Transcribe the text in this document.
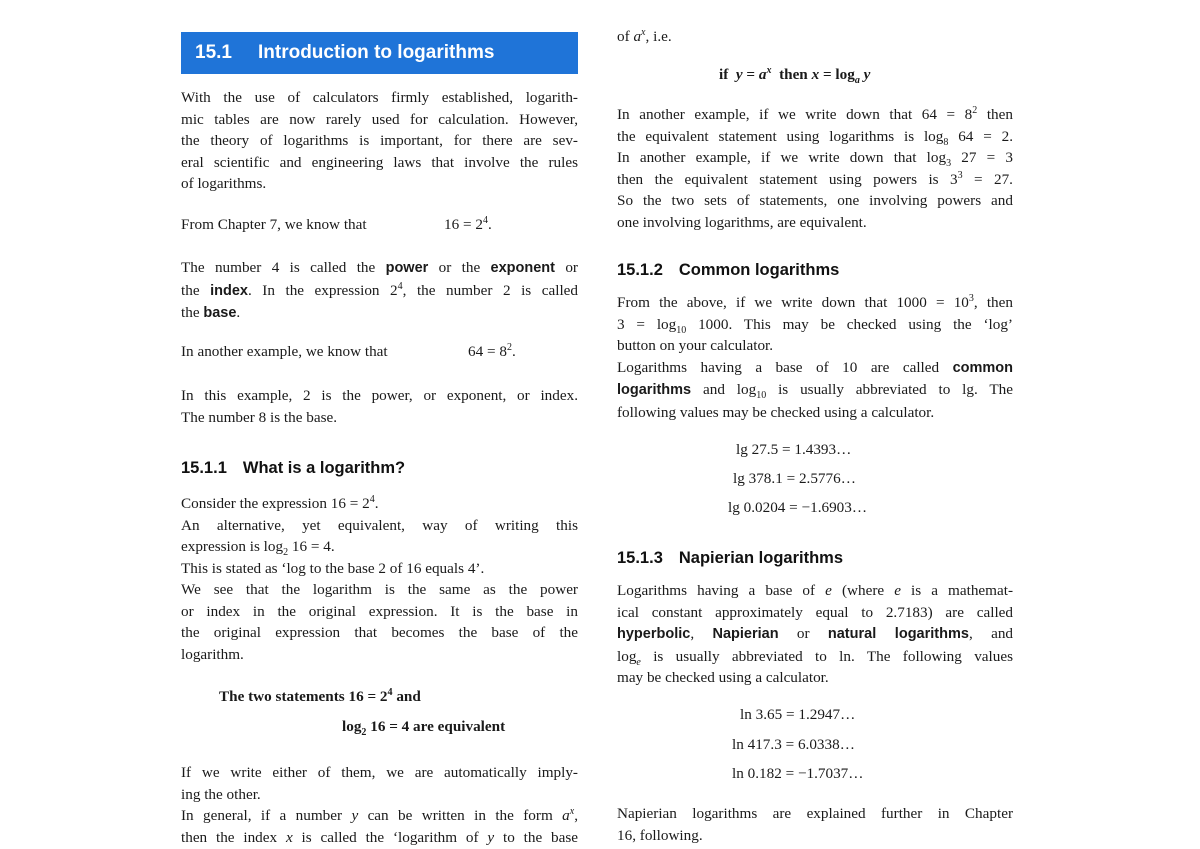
15.1 Introduction to logarithms

With the use of calculators firmly established, logarith-
mic tables are now rarely used for calculation. However,
the theory of logarithms is important, for there are sev-
eral scientific and engineering laws that involve the rules
of logarithms.

From Chapter 7, we know that	$16 = 2^4$.

The number 4 is called the power or the exponent or
the index. In the expression $2^4$, the number 2 is called
the base.

In another example, we know that	$64 = 8^2$.

In this example, 2 is the power, or exponent, or index.
The number 8 is the base.

15.1.1 What is a logarithm?

Consider the expression $16 = 2^4$.
An alternative, yet equivalent, way of writing this
expression is $\log_2 16 = 4$.
This is stated as ‘log to the base 2 of 16 equals 4’.
We see that the logarithm is the same as the power
or index in the original expression. It is the base in
the original expression that becomes the base of the
logarithm.

The two statements $16 = 2^4$ and
$\log_2 16 = 4$ are equivalent

If we write either of them, we are automatically imply-
ing the other.
In general, if a number y can be written in the form $a^x$,
then the index x is called the ‘logarithm of y to the base

of $a^x$, i.e.
if $y = a^x$  then $x = \log_a y$

In another example, if we write down that $64 = 8^2$ then
the equivalent statement using logarithms is $\log_8 64 = 2$.
In another example, if we write down that $\log_3 27 = 3$
then the equivalent statement using powers is $3^3 = 27$.
So the two sets of statements, one involving powers and
one involving logarithms, are equivalent.

15.1.2 Common logarithms

From the above, if we write down that $1000 = 10^3$, then
$3 = \log_{10} 1000$. This may be checked using the ‘log’
button on your calculator.
Logarithms having a base of 10 are called common
logarithms and $\log_{10}$ is usually abbreviated to lg. The
following values may be checked using a calculator.

lg 27.5 = 1.4393…
lg 378.1 = 2.5776…
lg 0.0204 = −1.6903…
15.1.3 Napierian logarithms

Logarithms having a base of e (where e is a mathemat-
ical constant approximately equal to 2.7183) are called
hyperbolic, Napierian or natural logarithms, and
$\log_e$ is usually abbreviated to ln. The following values
may be checked using a calculator.

ln 3.65 = 1.2947…
ln 417.3 = 6.0338…
ln 0.182 = −1.7037…

Napierian logarithms are explained further in Chapter
16, following.
